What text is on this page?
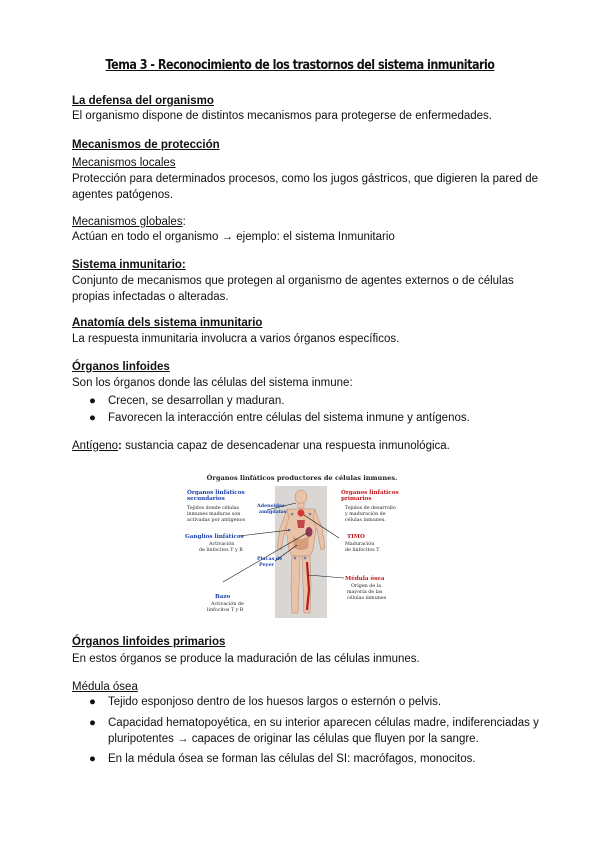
Tema 3 - Reconocimiento de los trastornos del sistema inmunitario
La defensa del organismo
El organismo dispone de distintos mecanismos para protegerse de enfermedades.
Mecanismos de protección
Mecanismos locales
Protección para determinados procesos, como los jugos gástricos, que digieren la pared de agentes patógenos.
Mecanismos globales:
Actúan en todo el organismo → ejemplo: el sistema Inmunitario
Sistema inmunitario:
Conjunto de mecanismos que protegen al organismo de agentes externos o de células propias infectadas o alteradas.
Anatomía dels sistema inmunitario
La respuesta inmunitaria involucra a varios órganos específicos.
Órganos linfoides
Son los órganos donde las células del sistema inmune:
● Crecen, se desarrollan y maduran.
● Favorecen la interacción entre células del sistema inmune y antígenos.
Antígeno: sustancia capaz de desencadenar una respuesta inmunológica.
Órganos linfáticos productores de células inmunes.
Órganos linfáticos
secundarios
Tejidos donde células
inmunes maduras son
activadas por antígenos
Adenoides
amígdalas
Ganglios linfáticos
Activación
de linfocitos T y B
Placas de
Peyer
Bazo
Activación de
linfocitos T y B
Órganos linfáticos
primarios
Tejidos de desarrollo
y maduración de
células inmunes.
TIMO
Maduración
de linfocitos T
Médula ósea
Origen de la
mayoría de las
células inmunes
Órganos linfoides primarios
En estos órganos se produce la maduración de las células inmunes.
Médula ósea
● Tejido esponjoso dentro de los huesos largos o esternón o pelvis.
● Capacidad hematopoyética, en su interior aparecen células madre, indiferenciadas y pluripotentes → capaces de originar las células que fluyen por la sangre.
● En la médula ósea se forman las células del SI: macrófagos, monocitos.
